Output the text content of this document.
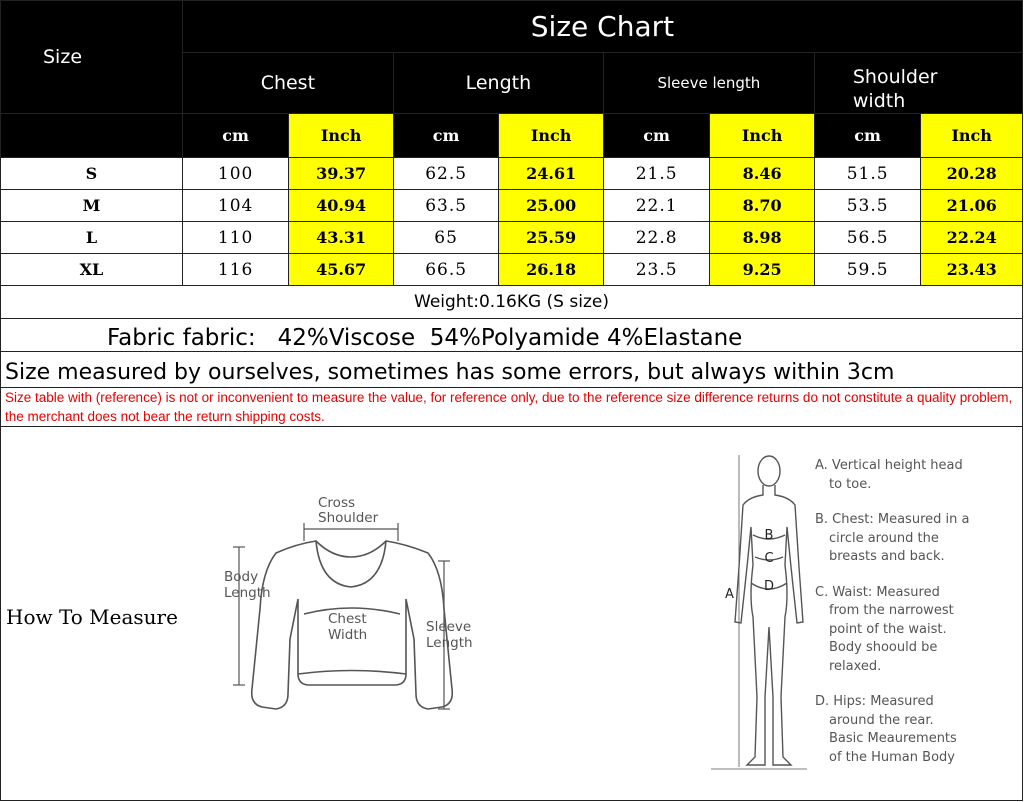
Size	Size Chart							
	Chest		Length		Sleeve length		Shoulder
width	
	cm	Inch	cm	Inch	cm	Inch	cm	Inch
S	100	39.37	62.5	24.61	21.5	8.46	51.5	20.28
M	104	40.94	63.5	25.00	22.1	8.70	53.5	21.06
L	110	43.31	65	25.59	22.8	8.98	56.5	22.24
XL	116	45.67	66.5	26.18	23.5	9.25	59.5	23.43
Weight:0.16KG (S size)
Fabric fabric:   42%Viscose  54%Polyamide 4%Elastane
Size measured by ourselves, sometimes has some errors, but always within 3cm
Size table with (reference) is not or inconvenient to measure the value, for reference only, due to the reference size difference returns do not constitute a quality problem, the merchant does not bear the return shipping costs.
How To Measure
Cross
Shoulder
Body
Length
Chest
Width	Sleeve
Length
B
C
D
A

A. Vertical height head
to toe.

B. Chest: Measured in a
circle around the
breasts and back.

C. Waist: Measured
from the narrowest
point of the waist.
Body shoould be
relaxed.

D. Hips: Measured
around the rear.
Basic Meaurements
of the Human Body
